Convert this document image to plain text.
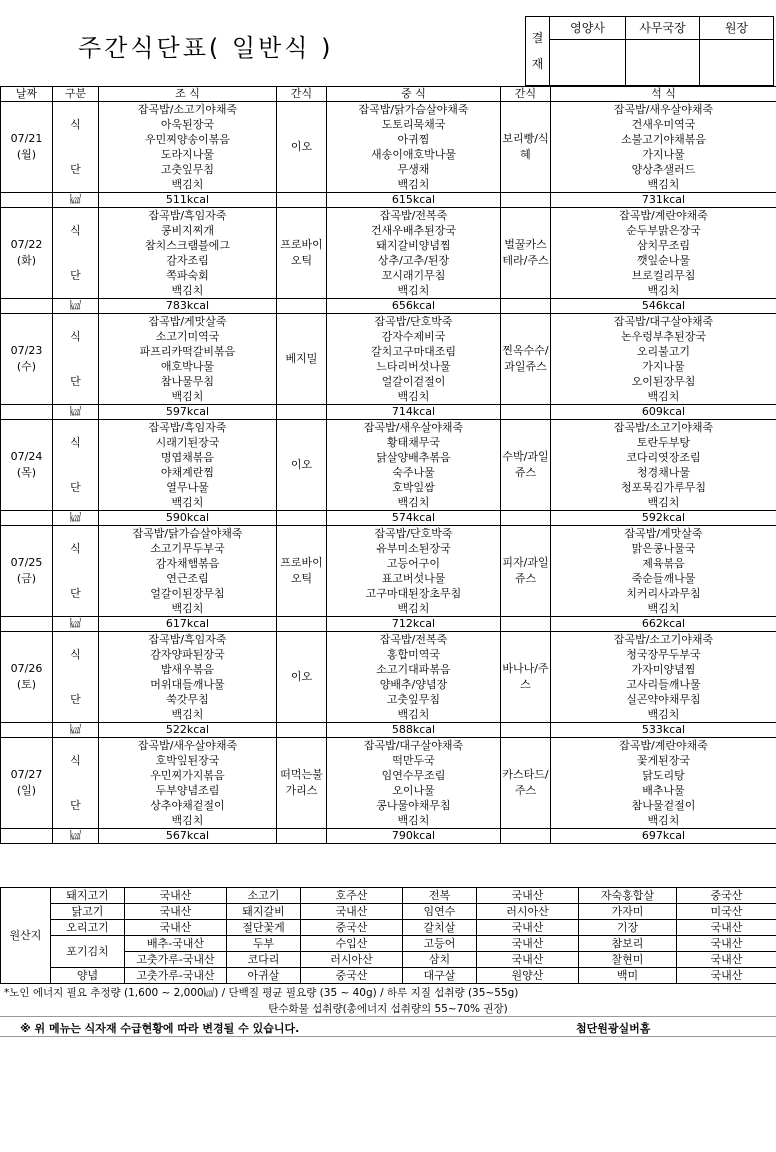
주간식단표( 일반식 )	결
재	영양사	사무국장	원장

날짜	구분	조 식	간식	중 식	간식	석 식
07/21
(월)		잡곡밥/소고기야채죽	이오	잡곡밥/닭가슴살야채죽	보리빵/식혜	잡곡밥/새우살야채죽
	식	아욱된장국		도토리묵채국		건새우미역국
		우민찌양송이볶음		아귀찜		소불고기야채볶음
		도라지나물		새송이애호박나물		가지나물
	단	고춧잎무침		무생채		양상추샐러드
		백김치		백김치		백김치
	㎉	511kcal		615kcal		731kcal
07/22
(화)		잡곡밥/흑임자죽	프로바이오틱	잡곡밥/전복죽	벌꿀카스테라/주스	잡곡밥/계란야채죽
	식	콩비지찌개		건새우배추된장국		순두부맑은장국
		참치스크램블에그		돼지갈비양념찜		삼치무조림
		감자조림		상추/고추/된장		깻잎순나물
	단	쪽파숙회		꼬시래기무침		브로컬리무침
		백김치		백김치		백김치
	㎉	783kcal		656kcal		546kcal
07/23
(수)		잡곡밥/게맛살죽	베지밀	잡곡밥/단호박죽	찐옥수수/과일쥬스	잡곡밥/대구살야채죽
	식	소고기미역국		감자수제비국		논우렁부추된장국
		파프리카떡갈비볶음		갈치고구마대조림		오리불고기
		애호박나물		느타리버섯나물		가지나물
	단	참나물무침		얼갈이겉절이		오이된장무침
		백김치		백김치		백김치
	㎉	597kcal		714kcal		609kcal
07/24
(목)		잡곡밥/흑임자죽	이오	잡곡밥/새우살야채죽	수박/과일쥬스	잡곡밥/소고기야채죽
	식	시래기된장국		황태채무국		토란두부탕
		명엽채볶음		닭살양배추볶음		코다리엿장조림
		야채계란찜		숙주나물		청경채나물
	단	열무나물		호박잎쌈		청포묵김가루무침
		백김치		백김치		백김치
	㎉	590kcal		574kcal		592kcal
07/25
(금)		잡곡밥/닭가슴살야채죽	프로바이오틱	잡곡밥/단호박죽	피자/과일쥬스	잡곡밥/게맛살죽
	식	소고기무두부국		유부미소된장국		맑은콩나물국
		감자채햄볶음		고등어구이		제육볶음
		연근조림		표고버섯나물		죽순들깨나물
	단	얼갈이된장무침		고구마대된장초무침		치커리사과무침
		백김치		백김치		백김치
	㎉	617kcal		712kcal		662kcal
07/26
(토)		잡곡밥/흑임자죽	이오	잡곡밥/전복죽	바나나/주스	잡곡밥/소고기야채죽
	식	감자양파된장국		홍합미역국		청국장무두부국
		밥새우볶음		소고기대파볶음		가자미양념찜
		머위대들깨나물		양배추/양념장		고사리들깨나물
	단	쑥갓무침		고춧잎무침		실곤약야채무침
		백김치		백김치		백김치
	㎉	522kcal		588kcal		533kcal
07/27
(일)		잡곡밥/새우살야채죽	떠먹는불가리스	잡곡밥/대구살야채죽	카스타드/주스	잡곡밥/계란야채죽
	식	호박잎된장국		떡만두국		꽃게된장국
		우민찌가지볶음		임연수무조림		닭도리탕
		두부양념조림		오이나물		배추나물
	단	상추야채겉절이		콩나물야채무침		참나물겉절이
		백김치		백김치		백김치
	㎉	567kcal		790kcal		697kcal
원산지	돼지고기	국내산	소고기	호주산	전복	국내산	자숙홍합살	중국산
	닭고기	국내산	돼지갈비	국내산	임연수	러시아산	가자미	미국산
	오리고기	국내산	절단꽃게	중국산	갈치살	국내산	기장	국내산
	포기김치	배추-국내산	두부	수입산	고등어	국내산	참보리	국내산
		고춧가루-국내산	코다리	러시아산	삼치	국내산	찰현미	국내산
	양념	고춧가루-국내산	아귀살	중국산	대구살	원양산	백미	국내산
*노인 에너지 필요 추정량 (1,600 ~ 2,000㎉) / 단백질 평균 필요량 (35 ~ 40g) / 하루 지질 섭취량 (35~55g)
탄수화물 섭취량(총에너지 섭취량의 55~70% 권장)
※ 위 메뉴는 식자재 수급현황에 따라 변경될 수 있습니다.	첨단원광실버홈
